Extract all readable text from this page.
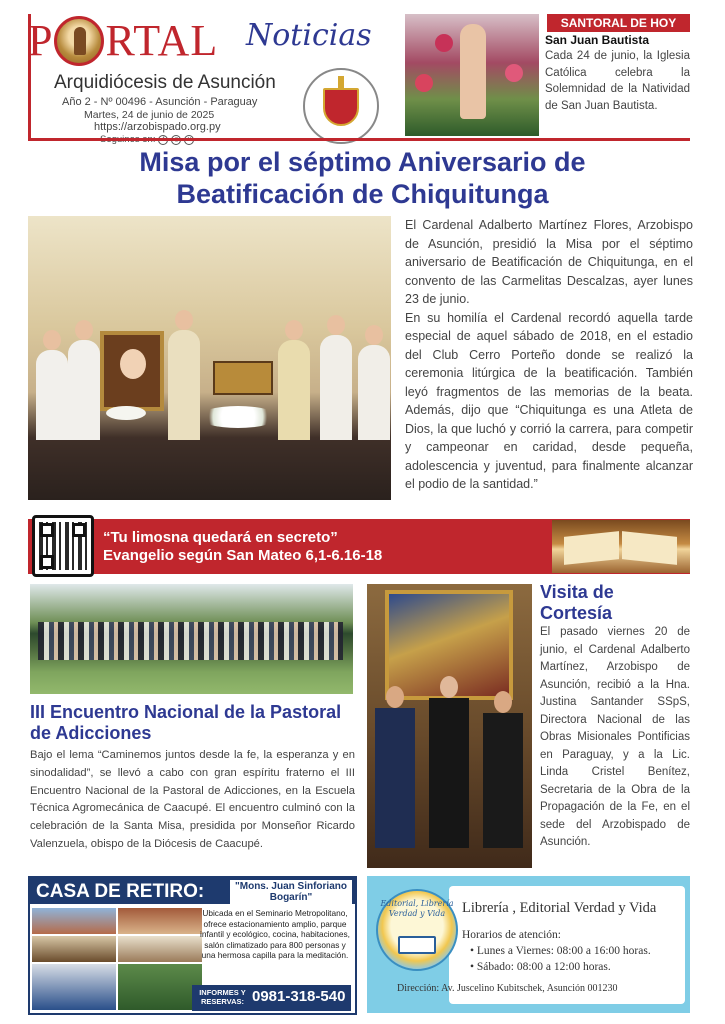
P RTAL Noticias
Arquidiócesis de Asunción
Año 2 - Nº 00496 - Asunción - Paraguay
Martes, 24 de junio de 2025
https://arzobispado.org.py
SANTORAL DE HOY
San Juan Bautista
Cada 24 de junio, la Iglesia Católica celebra la Solemnidad de la Natividad de San Juan Bautista.
Misa por el séptimo Aniversario de
Beatificación de Chiquitunga

El Cardenal Adalberto Martínez Flores, Arzobispo de Asunción, presidió la Misa por el séptimo aniversario de Beatificación de Chiquitunga, en el convento de las Carmelitas Descalzas, ayer lunes 23 de junio.

En su homilía el Cardenal recordó aquella tarde especial de aquel sábado de 2018, en el estadio del Club Cerro Porteño donde se realizó la ceremonia litúrgica de la beatificación. También leyó fragmentos de las memorias de la beata. Además, dijo que “Chiquitunga es una Atleta de Dios, la que luchó y corrió la carrera, para competir y campeonar en caridad, desde pequeña, adolescencia y juventud, para finalmente alcanzar el podio de la santidad.”

“Tu limosna quedará en secreto”
Evangelio según San Mateo 6,1-6.16-18
III Encuentro Nacional de la Pastoral de Adicciones
Bajo el lema “Caminemos juntos desde la fe, la esperanza y en sinodalidad”, se llevó a cabo con gran espíritu fraterno el III Encuentro Nacional de la Pastoral de Adicciones, en la Escuela Técnica Agromecánica de Caacupé. El encuentro culminó con la celebración de la Santa Misa, presidida por Monseñor Ricardo Valenzuela, obispo de la Diócesis de Caacupé.
Visita de Cortesía
El pasado viernes 20 de junio, el Cardenal Adalberto Martínez, Arzobispo de Asunción, recibió a la Hna. Justina Santander SSpS, Directora Nacional de las Obras Misionales Pontificias en Paraguay, y a la Lic. Linda Cristel Benítez, Secretaria de la Obra de la Propagación de la Fe, en el sede del Arzobispado de Asunción.
CASA DE RETIRO:	"Mons. Juan Sinforiano Bogarín"
Ubicada en el Seminario Metropolitano, ofrece estacionamiento amplio, parque infantil y ecológico, cocina, habitaciones, salón climatizado para 800 personas y una hermosa capilla para la meditación.
INFORMES Y RESERVAS: 0981-318-540
Editorial, Librería Verdad y Vida	Librería , Editorial Verdad y Vida
Horarios de atención:
• Lunes a Viernes: 08:00 a 16:00 horas.
• Sábado: 08:00 a 12:00 horas.
Dirección: Av. Juscelino Kubitschek, Asunción 001230
